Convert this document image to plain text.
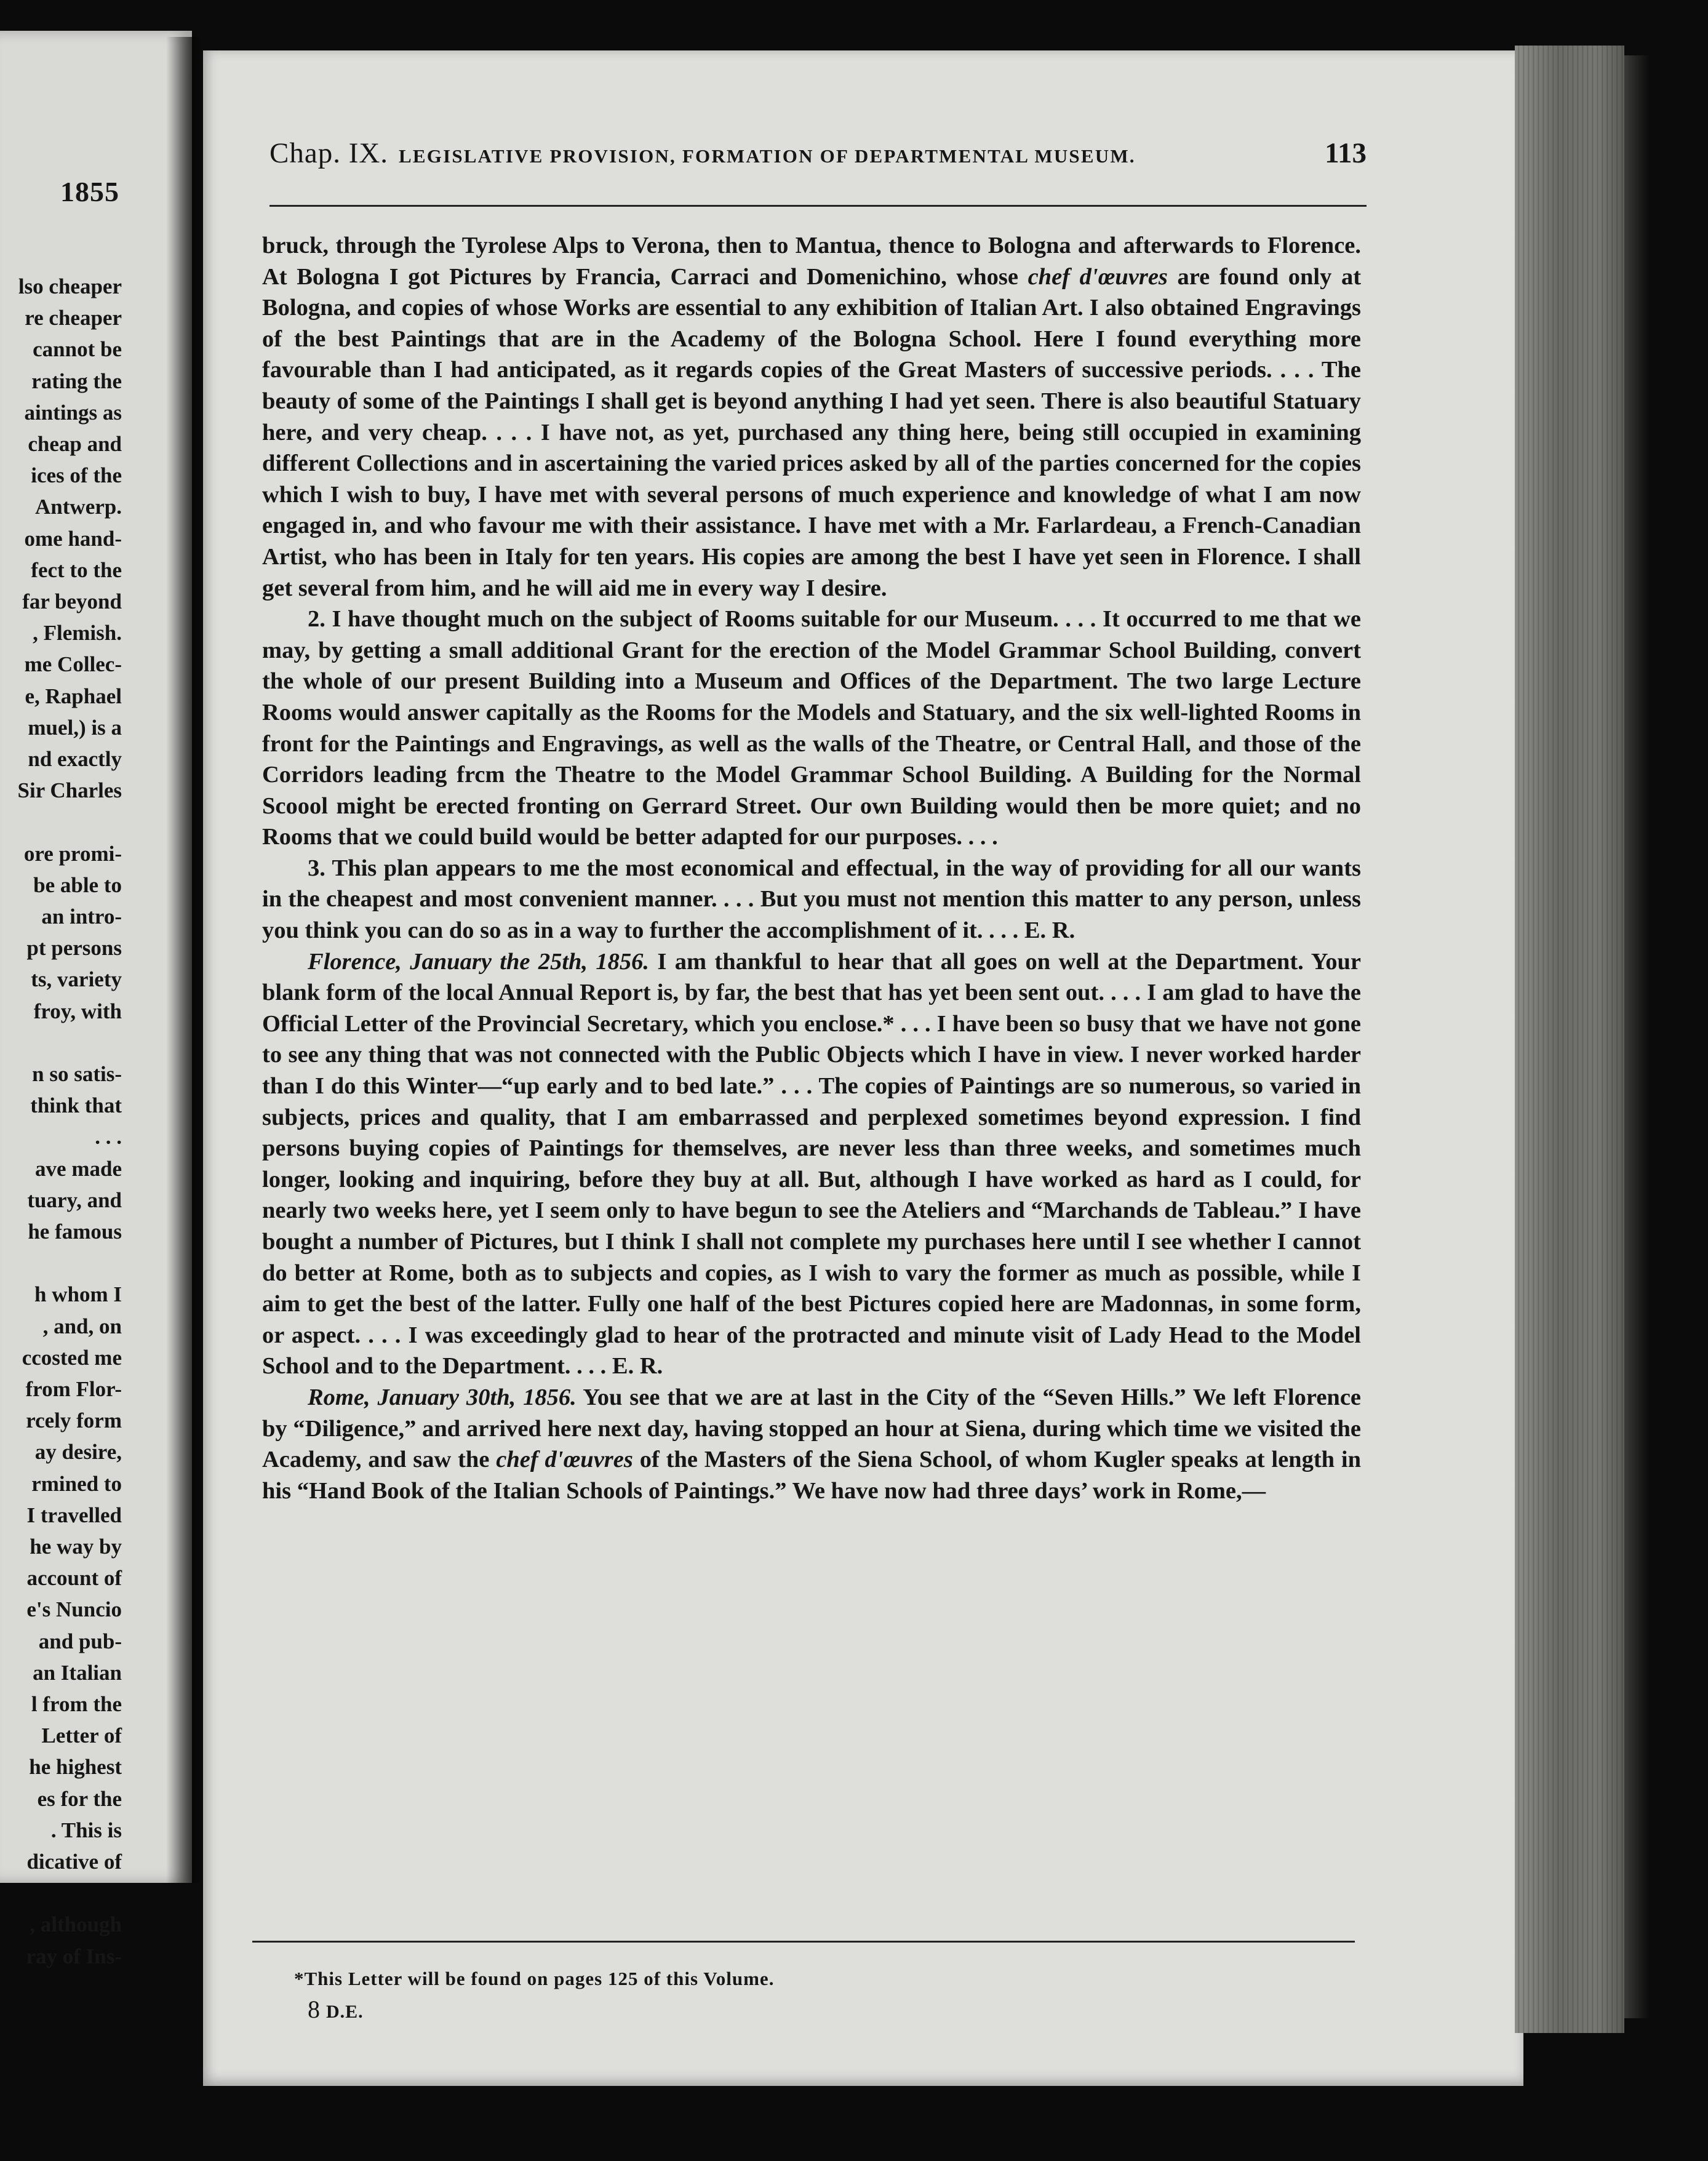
1855
lso cheaper
re cheaper
cannot be
rating the
aintings as
cheap and
ices of the
Antwerp.
ome hand-
fect to the
far beyond
, Flemish.
me Collec-
e, Raphael
muel,) is a
nd exactly
Sir Charles
ore promi-
be able to
an intro-
pt persons
ts, variety
froy, with
n so satis-
think that
. . .
ave made
tuary, and
he famous
h whom I
, and, on
ccosted me
from Flor-
rcely form
ay desire,
rmined to
I travelled
he way by
account of
e's Nuncio
and pub-
an Italian
l from the
Letter of
he highest
es for the
. This is
dicative of
, although
ray of Ins-
Chap. IX. LEGISLATIVE PROVISION, FORMATION OF DEPARTMENTAL MUSEUM.	113

bruck, through the Tyrolese Alps to Verona, then to Mantua, thence to Bologna and afterwards to Florence. At Bologna I got Pictures by Francia, Carraci and Domenichino, whose chef d'œuvres are found only at Bologna, and copies of whose Works are essential to any exhibition of Italian Art. I also obtained Engravings of the best Paintings that are in the Academy of the Bologna School. Here I found everything more favourable than I had anticipated, as it regards copies of the Great Masters of successive periods. . . . The beauty of some of the Paintings I shall get is beyond anything I had yet seen. There is also beautiful Statuary here, and very cheap. . . . I have not, as yet, purchased any thing here, being still occupied in examining different Collections and in ascertaining the varied prices asked by all of the parties concerned for the copies which I wish to buy, I have met with several persons of much experience and knowledge of what I am now engaged in, and who favour me with their assistance. I have met with a Mr. Farlardeau, a French-Canadian Artist, who has been in Italy for ten years. His copies are among the best I have yet seen in Florence. I shall get several from him, and he will aid me in every way I desire.

2. I have thought much on the subject of Rooms suitable for our Museum. . . . It occurred to me that we may, by getting a small additional Grant for the erection of the Model Grammar School Building, convert the whole of our present Building into a Museum and Offices of the Department. The two large Lecture Rooms would answer capitally as the Rooms for the Models and Statuary, and the six well-lighted Rooms in front for the Paintings and Engravings, as well as the walls of the Theatre, or Central Hall, and those of the Corridors leading frcm the Theatre to the Model Grammar School Building. A Building for the Normal Scoool might be erected fronting on Gerrard Street. Our own Building would then be more quiet; and no Rooms that we could build would be better adapted for our purposes. . . .

3. This plan appears to me the most economical and effectual, in the way of providing for all our wants in the cheapest and most convenient manner. . . . But you must not mention this matter to any person, unless you think you can do so as in a way to further the accomplishment of it. . . . E. R.

Florence, January the 25th, 1856. I am thankful to hear that all goes on well at the Department. Your blank form of the local Annual Report is, by far, the best that has yet been sent out. . . . I am glad to have the Official Letter of the Provincial Secretary, which you enclose.* . . . I have been so busy that we have not gone to see any thing that was not connected with the Public Objects which I have in view. I never worked harder than I do this Winter—“up early and to bed late.” . . . The copies of Paintings are so numerous, so varied in subjects, prices and quality, that I am embarrassed and perplexed sometimes beyond expression. I find persons buying copies of Paintings for themselves, are never less than three weeks, and sometimes much longer, looking and inquiring, before they buy at all. But, although I have worked as hard as I could, for nearly two weeks here, yet I seem only to have begun to see the Ateliers and “Marchands de Tableau.” I have bought a number of Pictures, but I think I shall not complete my purchases here until I see whether I cannot do better at Rome, both as to subjects and copies, as I wish to vary the former as much as possible, while I aim to get the best of the latter. Fully one half of the best Pictures copied here are Madonnas, in some form, or aspect. . . . I was exceedingly glad to hear of the protracted and minute visit of Lady Head to the Model School and to the Department. . . . E. R.

Rome, January 30th, 1856. You see that we are at last in the City of the “Seven Hills.” We left Florence by “Diligence,” and arrived here next day, having stopped an hour at Siena, during which time we visited the Academy, and saw the chef d'œuvres of the Masters of the Siena School, of whom Kugler speaks at length in his “Hand Book of the Italian Schools of Paintings.” We have now had three days’ work in Rome,—

*This Letter will be found on pages 125 of this Volume.
8 D.E.
